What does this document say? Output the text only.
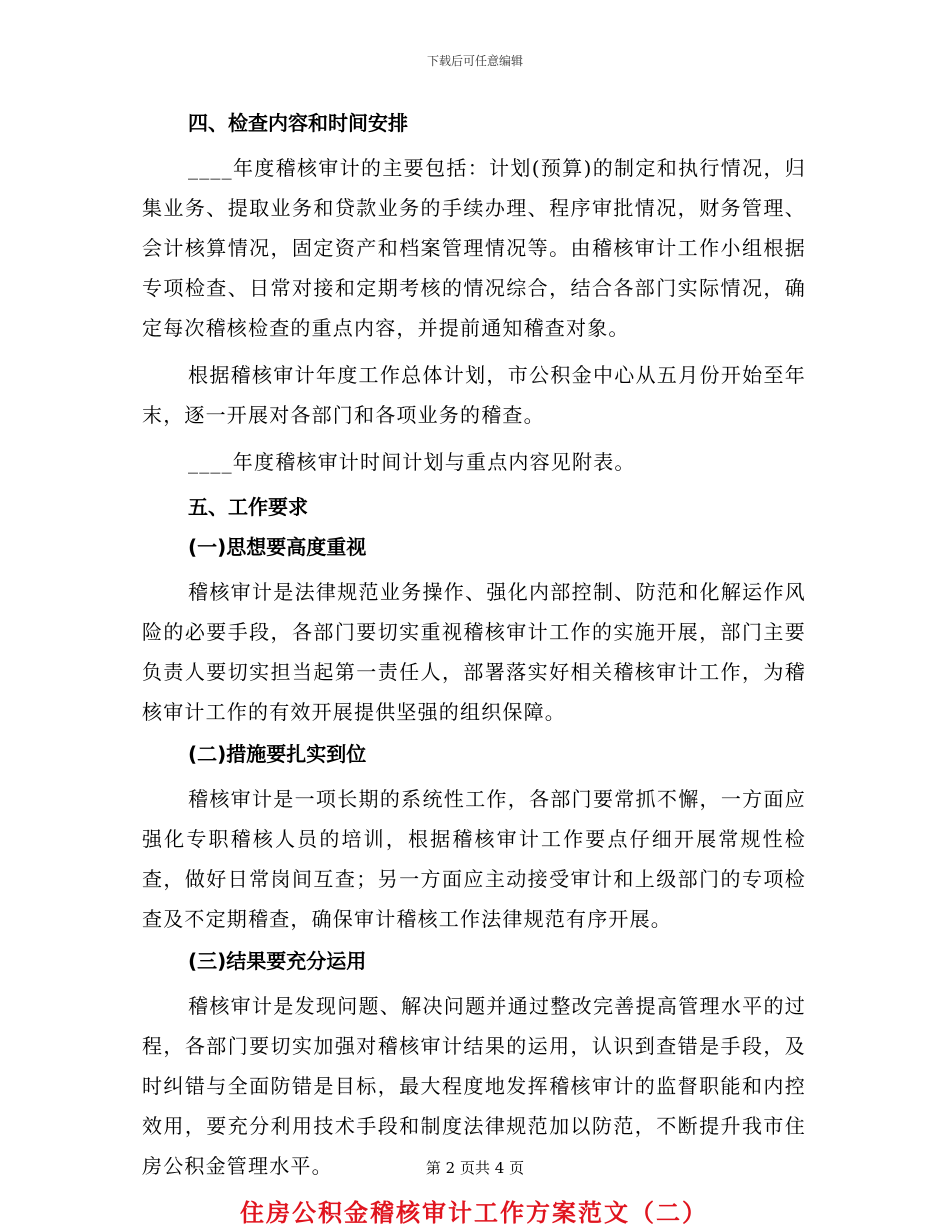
下载后可任意编辑
四、检查内容和时间安排
____年度稽核审计的主要包括：计划(预算)的制定和执行情况，归集业务、提取业务和贷款业务的手续办理、程序审批情况，财务管理、会计核算情况，固定资产和档案管理情况等。由稽核审计工作小组根据专项检查、日常对接和定期考核的情况综合，结合各部门实际情况，确定每次稽核检查的重点内容，并提前通知稽查对象。
根据稽核审计年度工作总体计划，市公积金中心从五月份开始至年末，逐一开展对各部门和各项业务的稽查。
____年度稽核审计时间计划与重点内容见附表。
五、工作要求
(一)思想要高度重视
稽核审计是法律规范业务操作、强化内部控制、防范和化解运作风险的必要手段，各部门要切实重视稽核审计工作的实施开展，部门主要负责人要切实担当起第一责任人，部署落实好相关稽核审计工作，为稽核审计工作的有效开展提供坚强的组织保障。
(二)措施要扎实到位
稽核审计是一项长期的系统性工作，各部门要常抓不懈，一方面应强化专职稽核人员的培训，根据稽核审计工作要点仔细开展常规性检查，做好日常岗间互查；另一方面应主动接受审计和上级部门的专项检查及不定期稽查，确保审计稽核工作法律规范有序开展。
(三)结果要充分运用
稽核审计是发现问题、解决问题并通过整改完善提高管理水平的过程，各部门要切实加强对稽核审计结果的运用，认识到查错是手段，及时纠错与全面防错是目标，最大程度地发挥稽核审计的监督职能和内控效用，要充分利用技术手段和制度法律规范加以防范，不断提升我市住房公积金管理水平。
住房公积金稽核审计工作方案范文（二）
第 2 页共 4 页
